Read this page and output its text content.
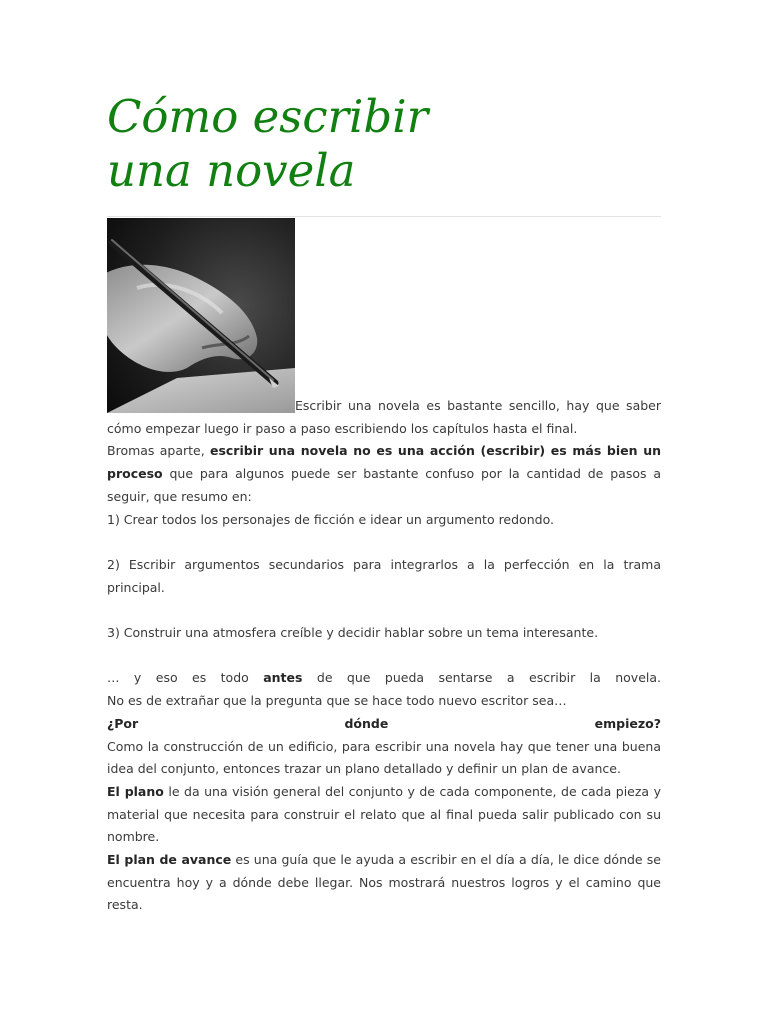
Cómo escribir
una novela
Escribir una novela es bastante sencillo, hay que saber cómo empezar luego ir paso a paso escribiendo los capítulos hasta el final.

Bromas aparte, escribir una novela no es una acción (escribir) es más bien un proceso que para algunos puede ser bastante confuso por la cantidad de pasos a seguir, que resumo en:

1) Crear todos los personajes de ficción e idear un argumento redondo.

2) Escribir argumentos secundarios para integrarlos a la perfección en la trama principal.

3) Construir una atmosfera creíble y decidir hablar sobre un tema interesante.

… y eso es todo antes de que pueda sentarse a escribir la novela.

No es de extrañar que la pregunta que se hace todo nuevo escritor sea…

¿Por dónde empiezo?

Como la construcción de un edificio, para escribir una novela hay que tener una buena idea del conjunto, entonces trazar un plano detallado y definir un plan de avance.

El plano le da una visión general del conjunto y de cada componente, de cada pieza y material que necesita para construir el relato que al final pueda salir publicado con su nombre.

El plan de avance es una guía que le ayuda a escribir en el día a día, le dice dónde se encuentra hoy y a dónde debe llegar. Nos mostrará nuestros logros y el camino que resta.
